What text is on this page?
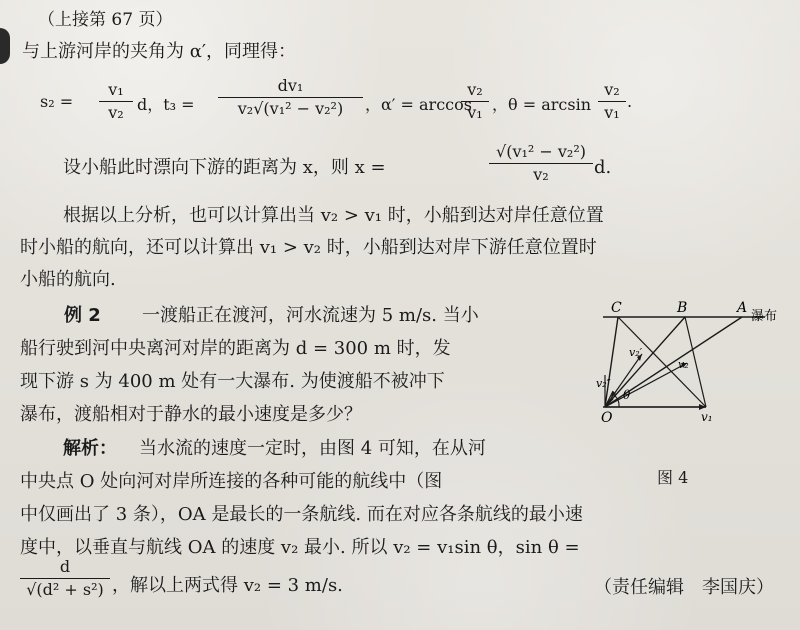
（上接第 67 页）
与上游河岸的夹角为 α′，同理得：
s₂ =
v₁
v₂ d，t₃ =
dv₁
v₂√(v₁² − v₂²) ，α′ = arccos
v₂
v₁ ，θ = arcsin
v₂
v₁
.
设小船此时漂向下游的距离为 x，则 x =
√(v₁² − v₂²)
v₂	d.
根据以上分析，也可以计算出当 v₂ > v₁ 时，小船到达对岸任意位置
时小船的航向，还可以计算出 v₁ > v₂ 时，小船到达对岸下游任意位置时
小船的航向.
例 2 一渡船正在渡河，河水流速为 5 m/s. 当小
船行驶到河中央离河对岸的距离为 d = 300 m 时，发
现下游 s 为 400 m 处有一大瀑布. 为使渡船不被冲下
瀑布，渡船相对于静水的最小速度是多少？
解析： 当水流的速度一定时，由图 4 可知，在从河
中央点 O 处向河对岸所连接的各种可能的航线中（图
中仅画出了 3 条），OA 是最长的一条航线. 而在对应各条航线的最小速
度中，以垂直与航线 OA 的速度 v₂ 最小. 所以 v₂ = v₁sin θ，sin θ =
d
√(d² + s²) ，解以上两式得 v₂ = 3 m/s.	（责任编辑　李国庆）
C	B	A
瀑布
v₂′
v₂″
v₂
O
θ
v₁
图 4
